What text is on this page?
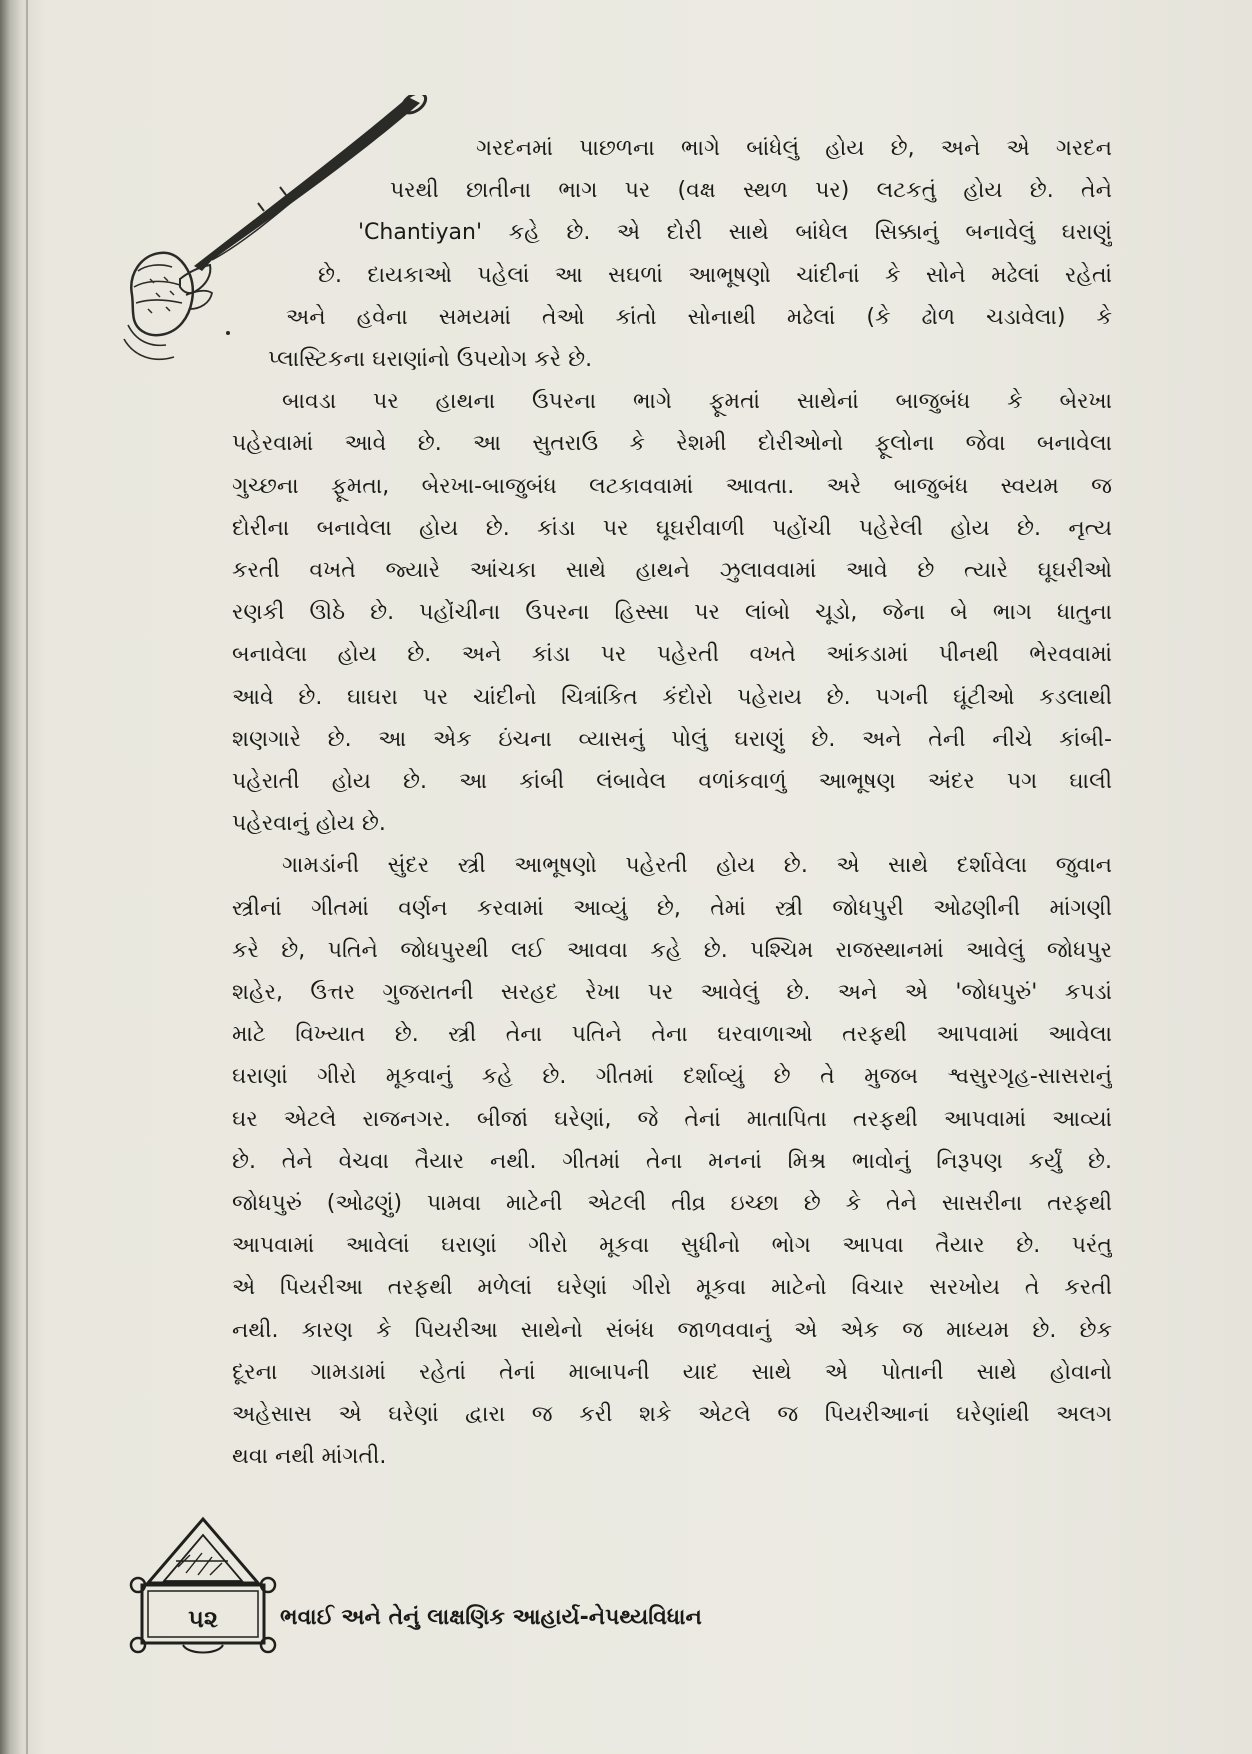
ગરદનમાં પાછળના ભાગે બાંધેલું હોય છે, અને એ ગરદન
પરથી છાતીના ભાગ પર (વક્ષ સ્થળ પર) લટકતું હોય છે. તેને
'Chantiyan' કહે છે. એ દોરી સાથે બાંધેલ સિક્કાનું બનાવેલું ઘરાણું
છે. દાયકાઓ પહેલાં આ સઘળાં આભૂષણો ચાંદીનાં કે સોને મઢેલાં રહેતાં
અને હવેના સમયમાં તેઓ કાંતો સોનાથી મઢેલાં (કે ઢોળ ચડાવેલા) કે
પ્લાસ્ટિકના ઘરાણાંનો ઉપયોગ કરે છે.
બાવડા પર હાથના ઉપરના ભાગે ફૂમતાં સાથેનાં બાજુબંધ કે બેરખા
પહેરવામાં આવે છે. આ સુતરાઉ કે રેશમી દોરીઓનો ફૂલોના જેવા બનાવેલા
ગુચ્છના ફૂમતા, બેરખા-બાજુબંધ લટકાવવામાં આવતા. અરે બાજુબંધ સ્વયમ જ
દોરીના બનાવેલા હોય છે. કાંડા પર ઘૂઘરીવાળી પહોંચી પહેરેલી હોય છે. નૃત્ય
કરતી વખતે જ્યારે આંચકા સાથે હાથને ઝુલાવવામાં આવે છે ત્યારે ઘૂઘરીઓ
રણકી ઊઠે છે. પહોંચીના ઉપરના હિસ્સા પર લાંબો ચૂડો, જેના બે ભાગ ધાતુના
બનાવેલા હોય છે. અને કાંડા પર પહેરતી વખતે આંકડામાં પીનથી ભેરવવામાં
આવે છે. ઘાઘરા પર ચાંદીનો ચિત્રાંકિત કંદોરો પહેરાય છે. પગની ઘૂંટીઓ કડલાથી
શણગારે છે. આ એક ઇંચના વ્યાસનું પોલું ઘરાણું છે. અને તેની નીચે કાંબી-
પહેરાતી હોય છે. આ કાંબી લંબાવેલ વળાંકવાળું આભૂષણ અંદર પગ ઘાલી
પહેરવાનું હોય છે.
ગામડાંની સુંદર સ્ત્રી આભૂષણો પહેરતી હોય છે. એ સાથે દર્શાવેલા જુવાન
સ્ત્રીનાં ગીતમાં વર્ણન કરવામાં આવ્યું છે, તેમાં સ્ત્રી જોધપુરી ઓઢણીની માંગણી
કરે છે, પતિને જોધપુરથી લઈ આવવા કહે છે. પશ્ચિમ રાજસ્થાનમાં આવેલું જોધપુર
શહેર, ઉત્તર ગુજરાતની સરહદ રેખા પર આવેલું છે. અને એ 'જોધપુરું' કપડાં
માટે વિખ્યાત છે. સ્ત્રી તેના પતિને તેના ઘરવાળાઓ તરફથી આપવામાં આવેલા
ઘરાણાં ગીરો મૂકવાનું કહે છે. ગીતમાં દર્શાવ્યું છે તે મુજબ શ્વસુરગૃહ-સાસરાનું
ઘર એટલે રાજનગર. બીજાં ઘરેણાં, જે તેનાં માતાપિતા તરફથી આપવામાં આવ્યાં
છે. તેને વેચવા તૈયાર નથી. ગીતમાં તેના મનનાં મિશ્ર ભાવોનું નિરૂપણ કર્યું છે.
જોધપુરું (ઓઢણું) પામવા માટેની એટલી તીવ્ર ઇચ્છા છે કે તેને સાસરીના તરફથી
આપવામાં આવેલાં ઘરાણાં ગીરો મૂકવા સુધીનો ભોગ આપવા તૈયાર છે. પરંતુ
એ પિયરીઆ તરફથી મળેલાં ઘરેણાં ગીરો મૂકવા માટેનો વિચાર સરખોય તે કરતી
નથી. કારણ કે પિયરીઆ સાથેનો સંબંધ જાળવવાનું એ એક જ માધ્યમ છે. છેક
દૂરના ગામડામાં રહેતાં તેનાં માબાપની યાદ સાથે એ પોતાની સાથે હોવાનો
અહેસાસ એ ઘરેણાં દ્વારા જ કરી શકે એટલે જ પિયરીઆનાં ઘરેણાંથી અલગ
થવા નથી માંગતી.
૫૨	ભવાઈ અને તેનું લાક્ષણિક આહાર્ય-નેપથ્યવિધાન
